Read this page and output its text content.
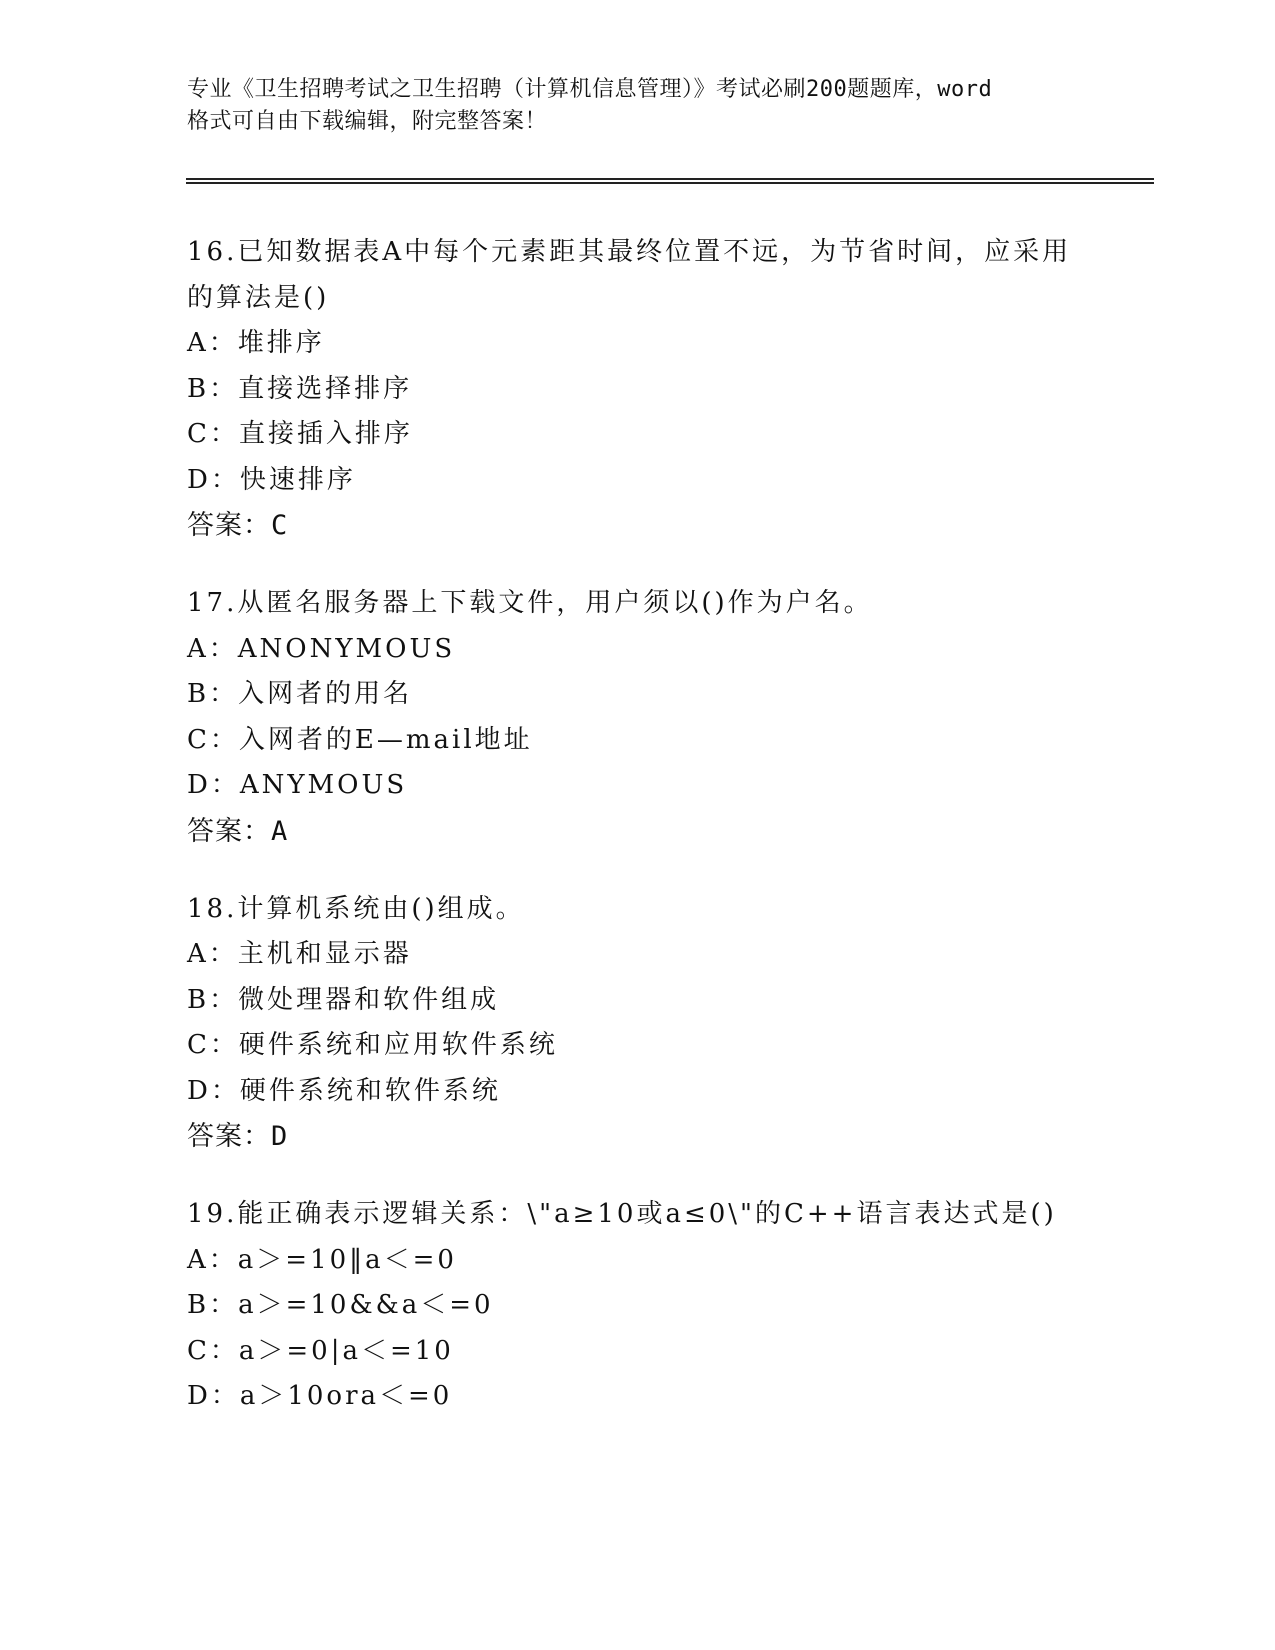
专业《卫生招聘考试之卫生招聘（计算机信息管理）》考试必刷200题题库，word
格式可自由下载编辑，附完整答案！
16.已知数据表A中每个元素距其最终位置不远，为节省时间，应采用
的算法是()
A：堆排序
B：直接选择排序
C：直接插入排序
D：快速排序
答案：C
17.从匿名服务器上下载文件，用户须以()作为户名。
A：ANONYMOUS
B：入网者的用名
C：入网者的E—mail地址
D：ANYMOUS
答案：A
18.计算机系统由()组成。
A：主机和显示器
B：微处理器和软件组成
C：硬件系统和应用软件系统
D：硬件系统和软件系统
答案：D
19.能正确表示逻辑关系：\"a≥10或a≤0\"的C++语言表达式是()
A：a＞=10‖a＜=0
B：a＞=10&&a＜=0
C：a＞=0|a＜=10
D：a＞10ora＜=0
